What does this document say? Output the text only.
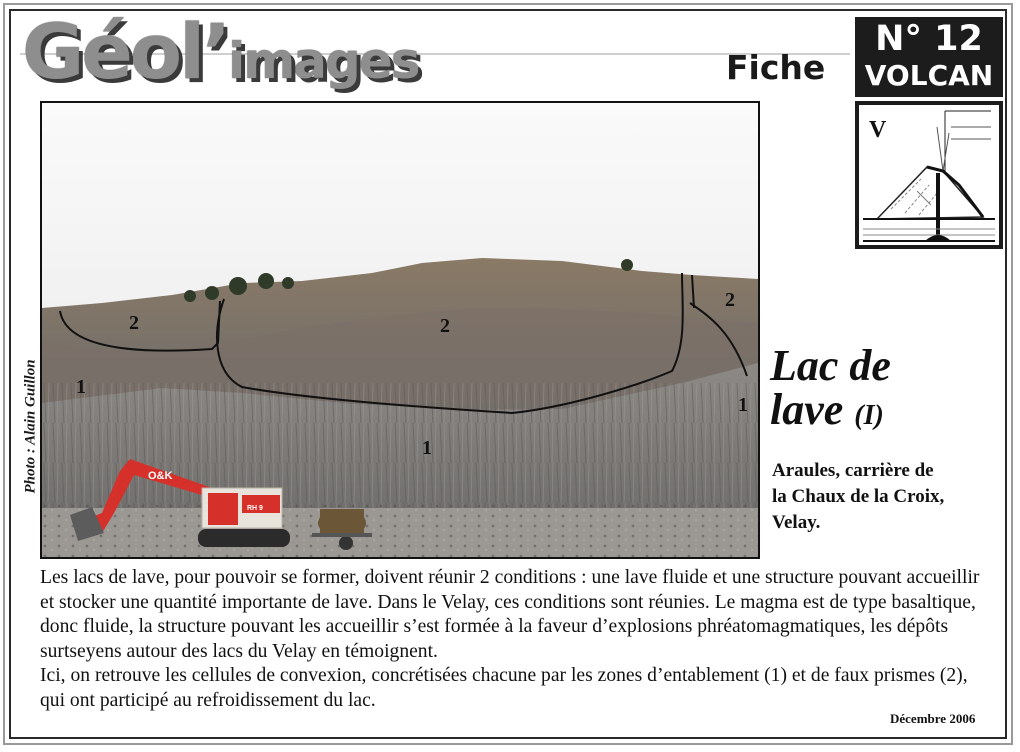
Géol’images	Fiche
N° 12
VOLCAN
V
2	2
2
1
1
1
O&K
RH 9
Photo : Alain Guillon	Lac de
lave (I)
Araules, carrière de
la Chaux de la Croix,
Velay.
Les lacs de lave, pour pouvoir se former, doivent réunir 2 conditions : une lave fluide et une structure pouvant accueillir et stocker une quantité importante de lave. Dans le Velay, ces conditions sont réunies. Le magma est de type basaltique, donc fluide, la structure pouvant les accueillir s’est formée à la faveur d’explosions phréatomagmatiques, les dépôts surtseyens autour des lacs du Velay en témoignent.
Ici, on retrouve les cellules de convexion, concrétisées chacune par les zones d’entablement (1) et de faux prismes (2), qui ont participé au refroidissement du lac.
Décembre 2006
